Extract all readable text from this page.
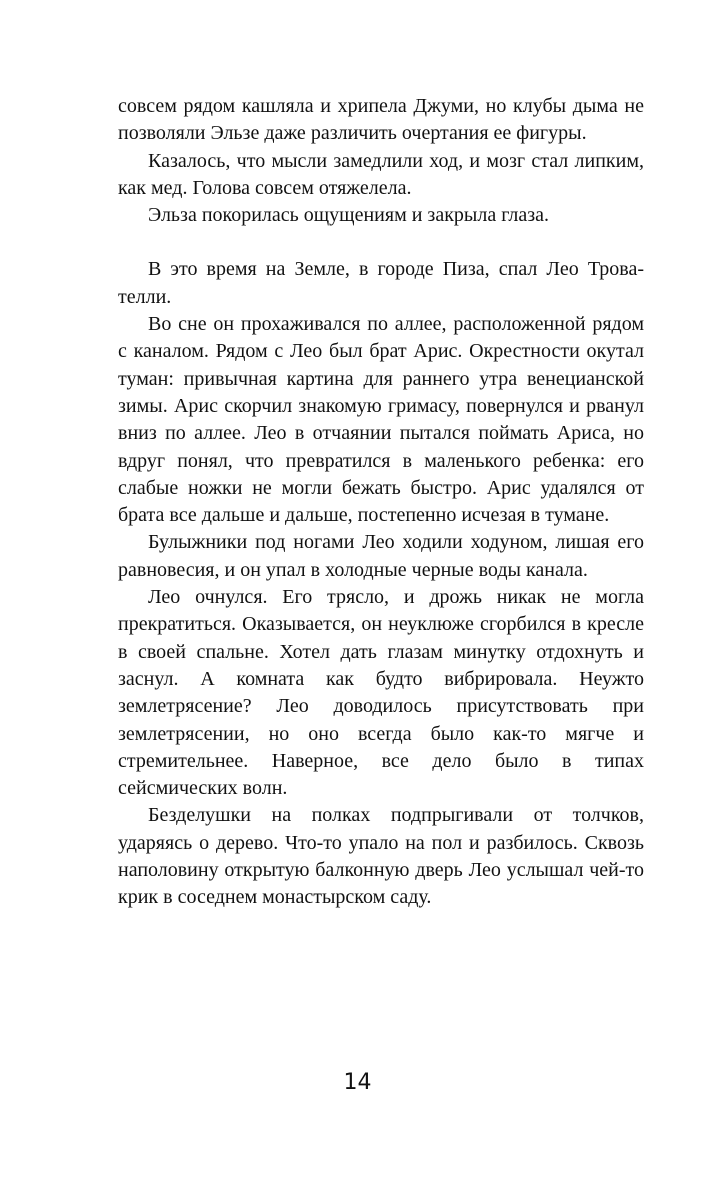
совсем рядом кашляла и хрипела Джуми, но клубы дыма не позволяли Эльзе даже различить очертания ее фигуры.

Казалось, что мысли замедлили ход, и мозг стал липким, как мед. Голова совсем отяжелела.

Эльза покорилась ощущениям и закрыла глаза.

В это время на Земле, в городе Пиза, спал Лео Трователли.

Во сне он прохаживался по аллее, расположенной рядом с каналом. Рядом с Лео был брат Арис. Окрестности окутал туман: привычная картина для раннего утра венецианской зимы. Арис скорчил знакомую гримасу, повернулся и рванул вниз по аллее. Лео в отчаянии пытался поймать Ариса, но вдруг понял, что превратился в маленького ребенка: его слабые ножки не могли бежать быстро. Арис удалялся от брата все дальше и дальше, постепенно исчезая в тумане.

Булыжники под ногами Лео ходили ходуном, лишая его равновесия, и он упал в холодные черные воды канала.

Лео очнулся. Его трясло, и дрожь никак не могла прекратиться. Оказывается, он неуклюже сгорбился в кресле в своей спальне. Хотел дать глазам минутку отдохнуть и заснул. А комната как будто вибрировала. Неужто землетрясение? Лео доводилось присутствовать при землетрясении, но оно всегда было как-то мягче и стремительнее. Наверное, все дело было в типах сейсмических волн.

Безделушки на полках подпрыгивали от толчков, ударяясь о дерево. Что-то упало на пол и разбилось. Сквозь наполовину открытую балконную дверь Лео услышал чей-то крик в соседнем монастырском саду.

14
